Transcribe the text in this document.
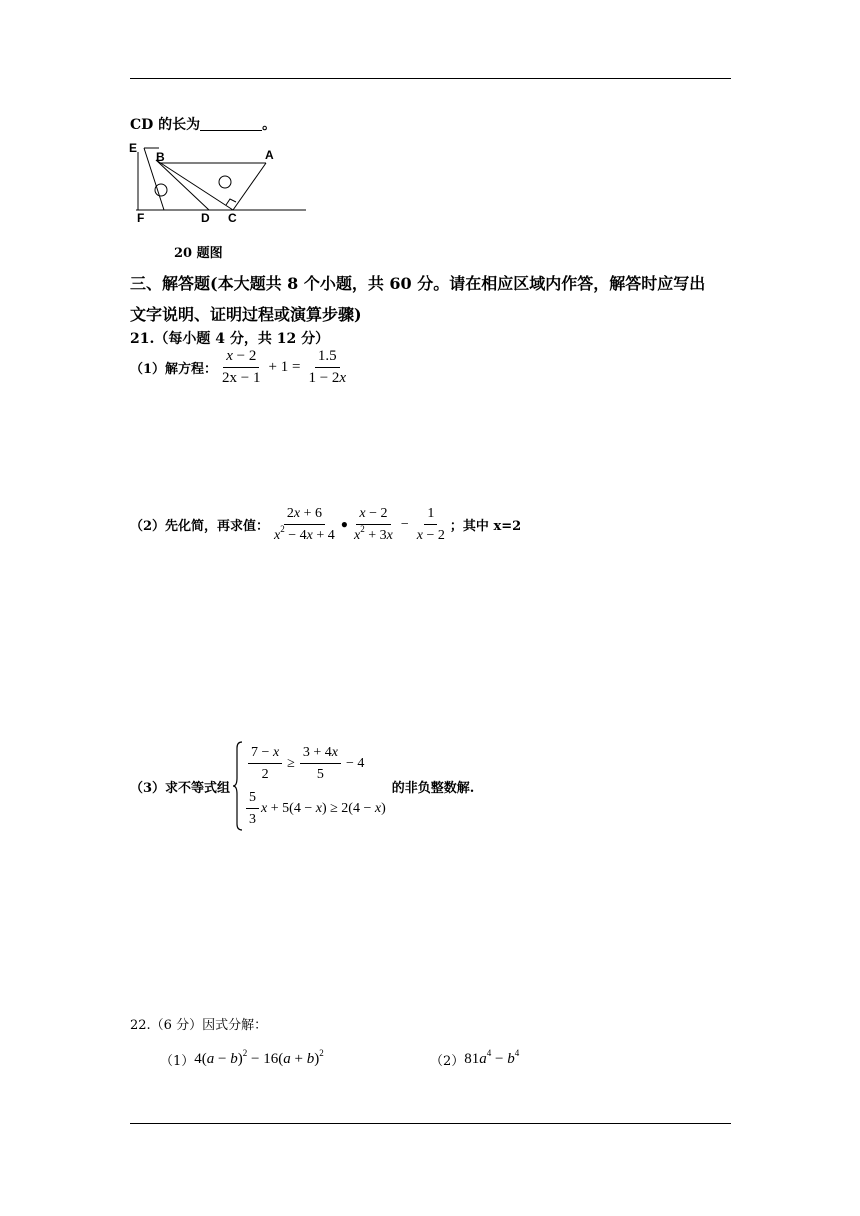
CD 的长为	。
E
B	A
F	D C
20 题图
三、解答题(本大题共 8 个小题，共 60 分。请在相应区域内作答，解答时应写出
文字说明、证明过程或演算步骤)
21.（每小题 4 分，共 12 分）
（1）解方程： $\frac{x - 2}{2x - 1} + 1 = \frac{1.5}{1 - 2x}$
（2）先化简，再求值： $\frac{2x + 6}{x^2 - 4x + 4}$ ● $\frac{x - 2}{x^2 + 3x} - \frac{1}{x - 2}$ ；其中 x=2
（3）求不等式组
$\frac{7 - x}{2} \ge \frac{3 + 4x}{5} - 4$
$\frac{5}{3}$ x + 5(4 − x) ≥ 2(4 − x)
的非负整数解.
22.（6 分）因式分解：
（1） $4(a - b)^2 - 16(a + b)^2$
（2） $81a^4 - b^4$
